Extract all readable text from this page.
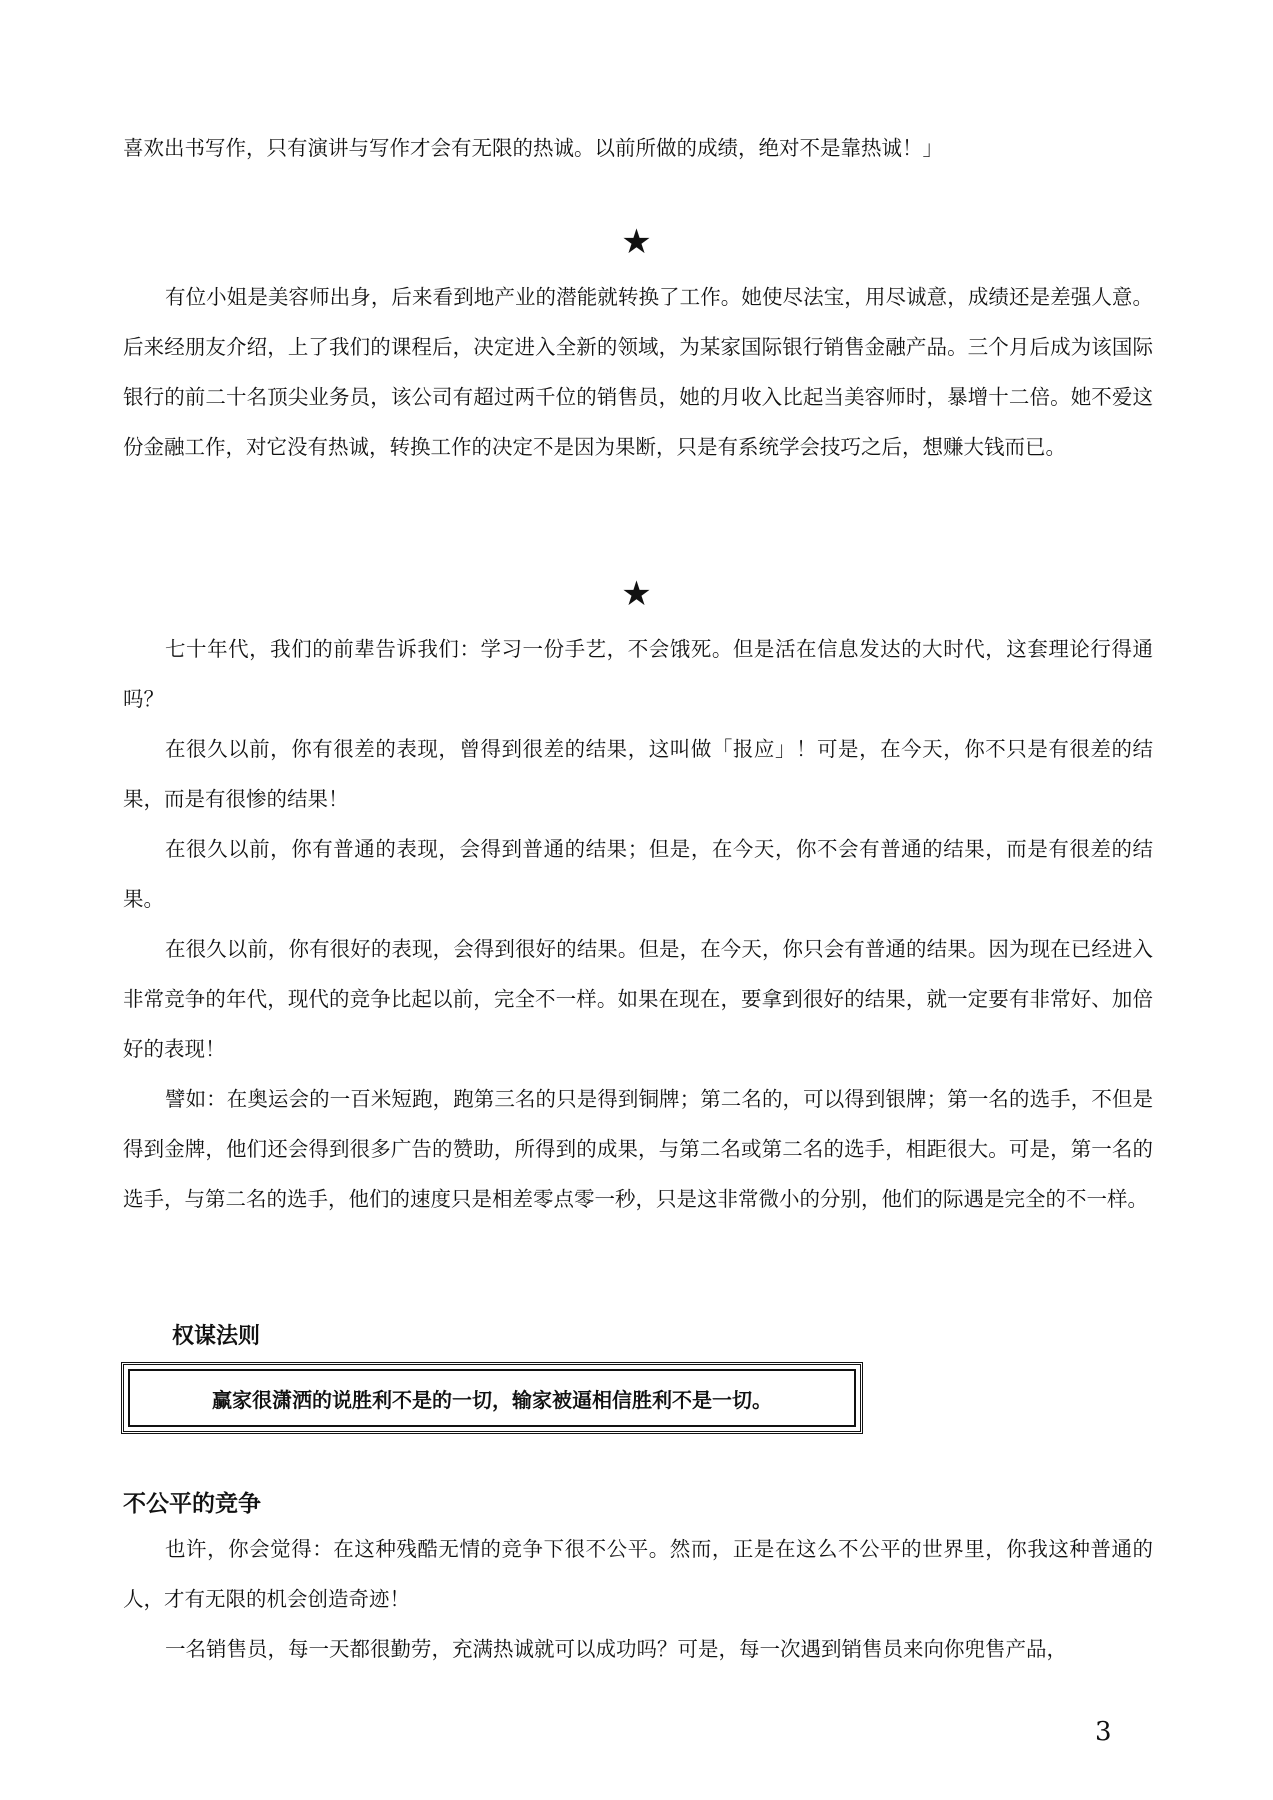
喜欢出书写作，只有演讲与写作才会有无限的热诚。以前所做的成绩，绝对不是靠热诚！」

★

有位小姐是美容师出身，后来看到地产业的潜能就转换了工作。她使尽法宝，用尽诚意，成绩还是差强人意。后来经朋友介绍，上了我们的课程后，决定进入全新的领域，为某家国际银行销售金融产品。三个月后成为该国际银行的前二十名顶尖业务员，该公司有超过两千位的销售员，她的月收入比起当美容师时，暴增十二倍。她不爱这份金融工作，对它没有热诚，转换工作的决定不是因为果断，只是有系统学会技巧之后，想赚大钱而已。

★

七十年代，我们的前辈告诉我们：学习一份手艺，不会饿死。但是活在信息发达的大时代，这套理论行得通吗？

在很久以前，你有很差的表现，曾得到很差的结果，这叫做「报应」！可是，在今天，你不只是有很差的结果，而是有很惨的结果！

在很久以前，你有普通的表现，会得到普通的结果；但是，在今天，你不会有普通的结果，而是有很差的结果。

在很久以前，你有很好的表现，会得到很好的结果。但是，在今天，你只会有普通的结果。因为现在已经进入非常竞争的年代，现代的竞争比起以前，完全不一样。如果在现在，要拿到很好的结果，就一定要有非常好、加倍好的表现！

譬如：在奥运会的一百米短跑，跑第三名的只是得到铜牌；第二名的，可以得到银牌；第一名的选手，不但是得到金牌，他们还会得到很多广告的赞助，所得到的成果，与第二名或第二名的选手，相距很大。可是，第一名的选手，与第二名的选手，他们的速度只是相差零点零一秒，只是这非常微小的分别，他们的际遇是完全的不一样。

权谋法则
赢家很潇洒的说胜利不是的一切，输家被逼相信胜利不是一切。
不公平的竞争

也许，你会觉得：在这种残酷无情的竞争下很不公平。然而，正是在这么不公平的世界里，你我这种普通的人，才有无限的机会创造奇迹！

一名销售员，每一天都很勤劳，充满热诚就可以成功吗？可是，每一次遇到销售员来向你兜售产品，

3
